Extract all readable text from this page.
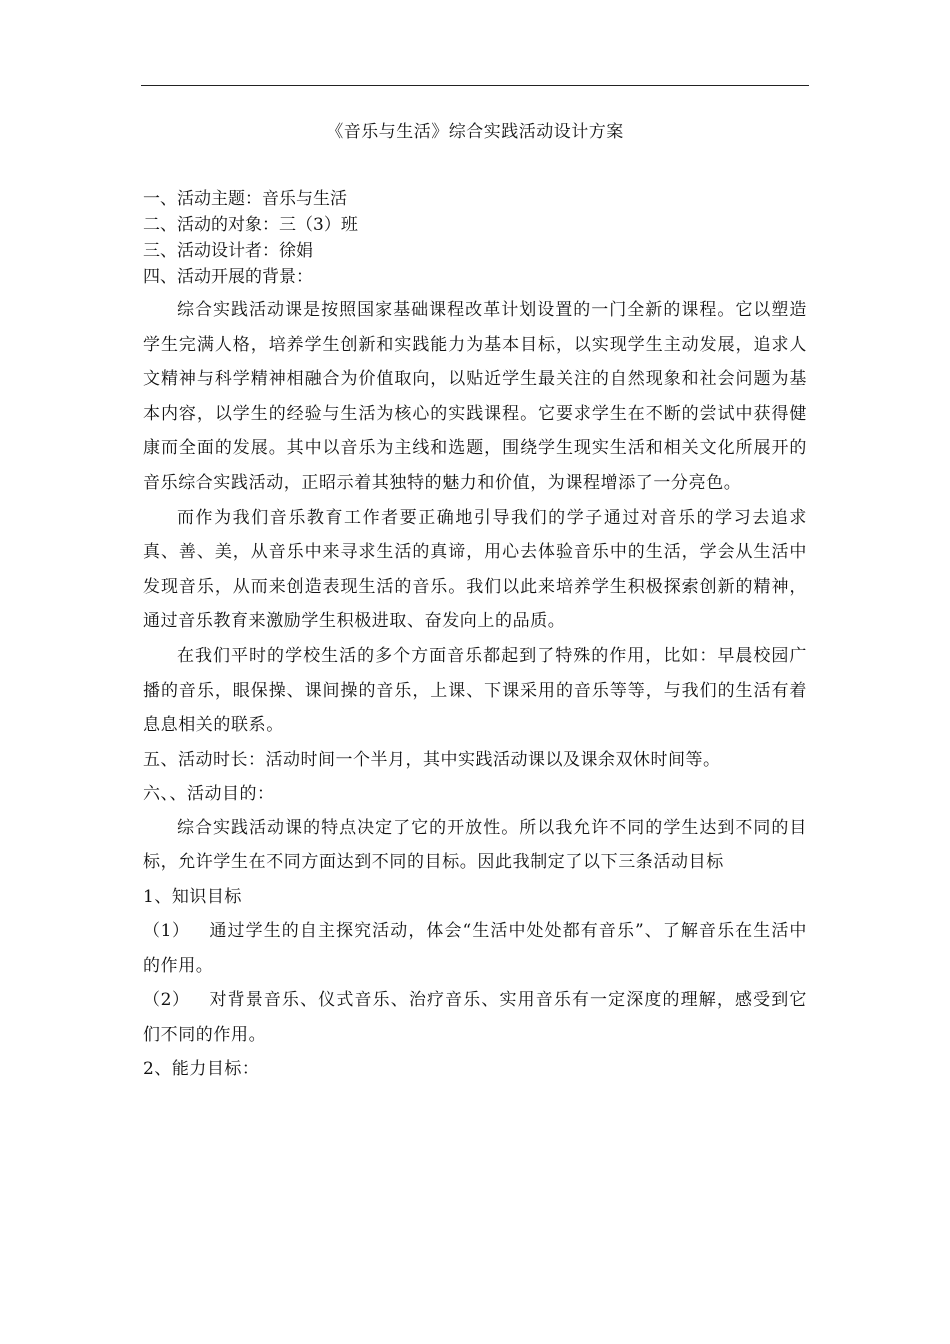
《音乐与生活》综合实践活动设计方案
一、活动主题：音乐与生活
二、活动的对象：三（3）班
三、活动设计者：徐娟
四、活动开展的背景：

综合实践活动课是按照国家基础课程改革计划设置的一门全新的课程。它以塑造学生完满人格，培养学生创新和实践能力为基本目标，以实现学生主动发展，追求人文精神与科学精神相融合为价值取向，以贴近学生最关注的自然现象和社会问题为基本内容，以学生的经验与生活为核心的实践课程。它要求学生在不断的尝试中获得健康而全面的发展。其中以音乐为主线和选题，围绕学生现实生活和相关文化所展开的音乐综合实践活动，正昭示着其独特的魅力和价值，为课程增添了一分亮色。

而作为我们音乐教育工作者要正确地引导我们的学子通过对音乐的学习去追求真、善、美，从音乐中来寻求生活的真谛，用心去体验音乐中的生活，学会从生活中发现音乐，从而来创造表现生活的音乐。我们以此来培养学生积极探索创新的精神，通过音乐教育来激励学生积极进取、奋发向上的品质。

在我们平时的学校生活的多个方面音乐都起到了特殊的作用，比如：早晨校园广播的音乐，眼保操、课间操的音乐，上课、下课采用的音乐等等，与我们的生活有着息息相关的联系。

五、活动时长：活动时间一个半月，其中实践活动课以及课余双休时间等。
六、、活动目的：

综合实践活动课的特点决定了它的开放性。所以我允许不同的学生达到不同的目标，允许学生在不同方面达到不同的目标。因此我制定了以下三条活动目标

1、知识目标

（1） 通过学生的自主探究活动，体会“生活中处处都有音乐”、了解音乐在生活中的作用。

（2） 对背景音乐、仪式音乐、治疗音乐、实用音乐有一定深度的理解，感受到它们不同的作用。

2、能力目标：
